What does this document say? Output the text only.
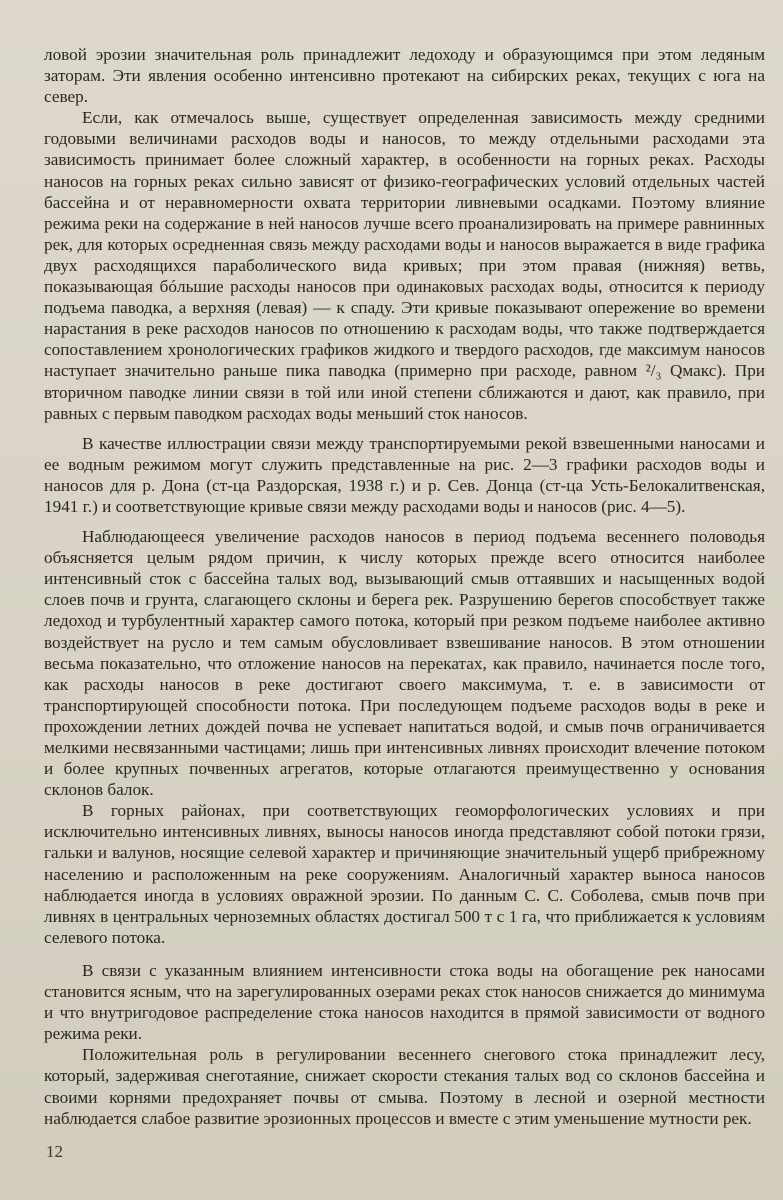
ловой эрозии значительная роль принадлежит ледоходу и образующимся при этом ледяным заторам. Эти явления особенно интенсивно протекают на сибирских реках, текущих с юга на север.

Если, как отмечалось выше, существует определенная зависимость между средними годовыми величинами расходов воды и наносов, то между отдельными расходами эта зависимость принимает более сложный характер, в особенности на горных реках. Расходы наносов на горных реках сильно зависят от физико-географических условий отдельных частей бассейна и от неравномерности охвата территории ливневыми осадками. Поэтому влияние режима реки на содержание в ней наносов лучше всего проанализировать на примере равнинных рек, для которых осредненная связь между расходами воды и наносов выражается в виде графика двух расходящихся параболического вида кривых; при этом правая (нижняя) ветвь, показывающая бóльшие расходы наносов при одинаковых расходах воды, относится к периоду подъема паводка, а верхняя (левая) — к спаду. Эти кривые показывают опережение во времени нарастания в реке расходов наносов по отношению к расходам воды, что также подтверждается сопоставлением хронологических графиков жидкого и твердого расходов, где максимум наносов наступает значительно раньше пика паводка (примерно при расходе, равном ²/₃ Qмакс). При вторичном паводке линии связи в той или иной степени сближаются и дают, как правило, при равных с первым паводком расходах воды меньший сток наносов.

В качестве иллюстрации связи между транспортируемыми рекой взвешенными наносами и ее водным режимом могут служить представленные на рис. 2—3 графики расходов воды и наносов для р. Дона (ст-ца Раздорская, 1938 г.) и р. Сев. Донца (ст-ца Усть-Белокалитвенская, 1941 г.) и соответствующие кривые связи между расходами воды и наносов (рис. 4—5).

Наблюдающееся увеличение расходов наносов в период подъема весеннего половодья объясняется целым рядом причин, к числу которых прежде всего относится наиболее интенсивный сток с бассейна талых вод, вызывающий смыв оттаявших и насыщенных водой слоев почв и грунта, слагающего склоны и берега рек. Разрушению берегов способствует также ледоход и турбулентный характер самого потока, который при резком подъеме наиболее активно воздействует на русло и тем самым обусловливает взвешивание наносов. В этом отношении весьма показательно, что отложение наносов на перекатах, как правило, начинается после того, как расходы наносов в реке достигают своего максимума, т. е. в зависимости от транспортирующей способности потока. При последующем подъеме расходов воды в реке и прохождении летних дождей почва не успевает напитаться водой, и смыв почв ограничивается мелкими несвязанными частицами; лишь при интенсивных ливнях происходит влечение потоком и более крупных почвенных агрегатов, которые отлагаются преимущественно у основания склонов балок.

В горных районах, при соответствующих геоморфологических условиях и при исключительно интенсивных ливнях, выносы наносов иногда представляют собой потоки грязи, гальки и валунов, носящие селевой характер и причиняющие значительный ущерб прибрежному населению и расположенным на реке сооружениям. Аналогичный характер выноса наносов наблюдается иногда в условиях овражной эрозии. По данным С. С. Соболева, смыв почв при ливнях в центральных черноземных областях достигал 500 т с 1 га, что приближается к условиям селевого потока.

В связи с указанным влиянием интенсивности стока воды на обогащение рек наносами становится ясным, что на зарегулированных озерами реках сток наносов снижается до минимума и что внутригодовое распределение стока наносов находится в прямой зависимости от водного режима реки.

Положительная роль в регулировании весеннего снегового стока принадлежит лесу, который, задерживая снеготаяние, снижает скорости стекания талых вод со склонов бассейна и своими корнями предохраняет почвы от смыва. Поэтому в лесной и озерной местности наблюдается слабое развитие эрозионных процессов и вместе с этим уменьшение мутности рек.

12
